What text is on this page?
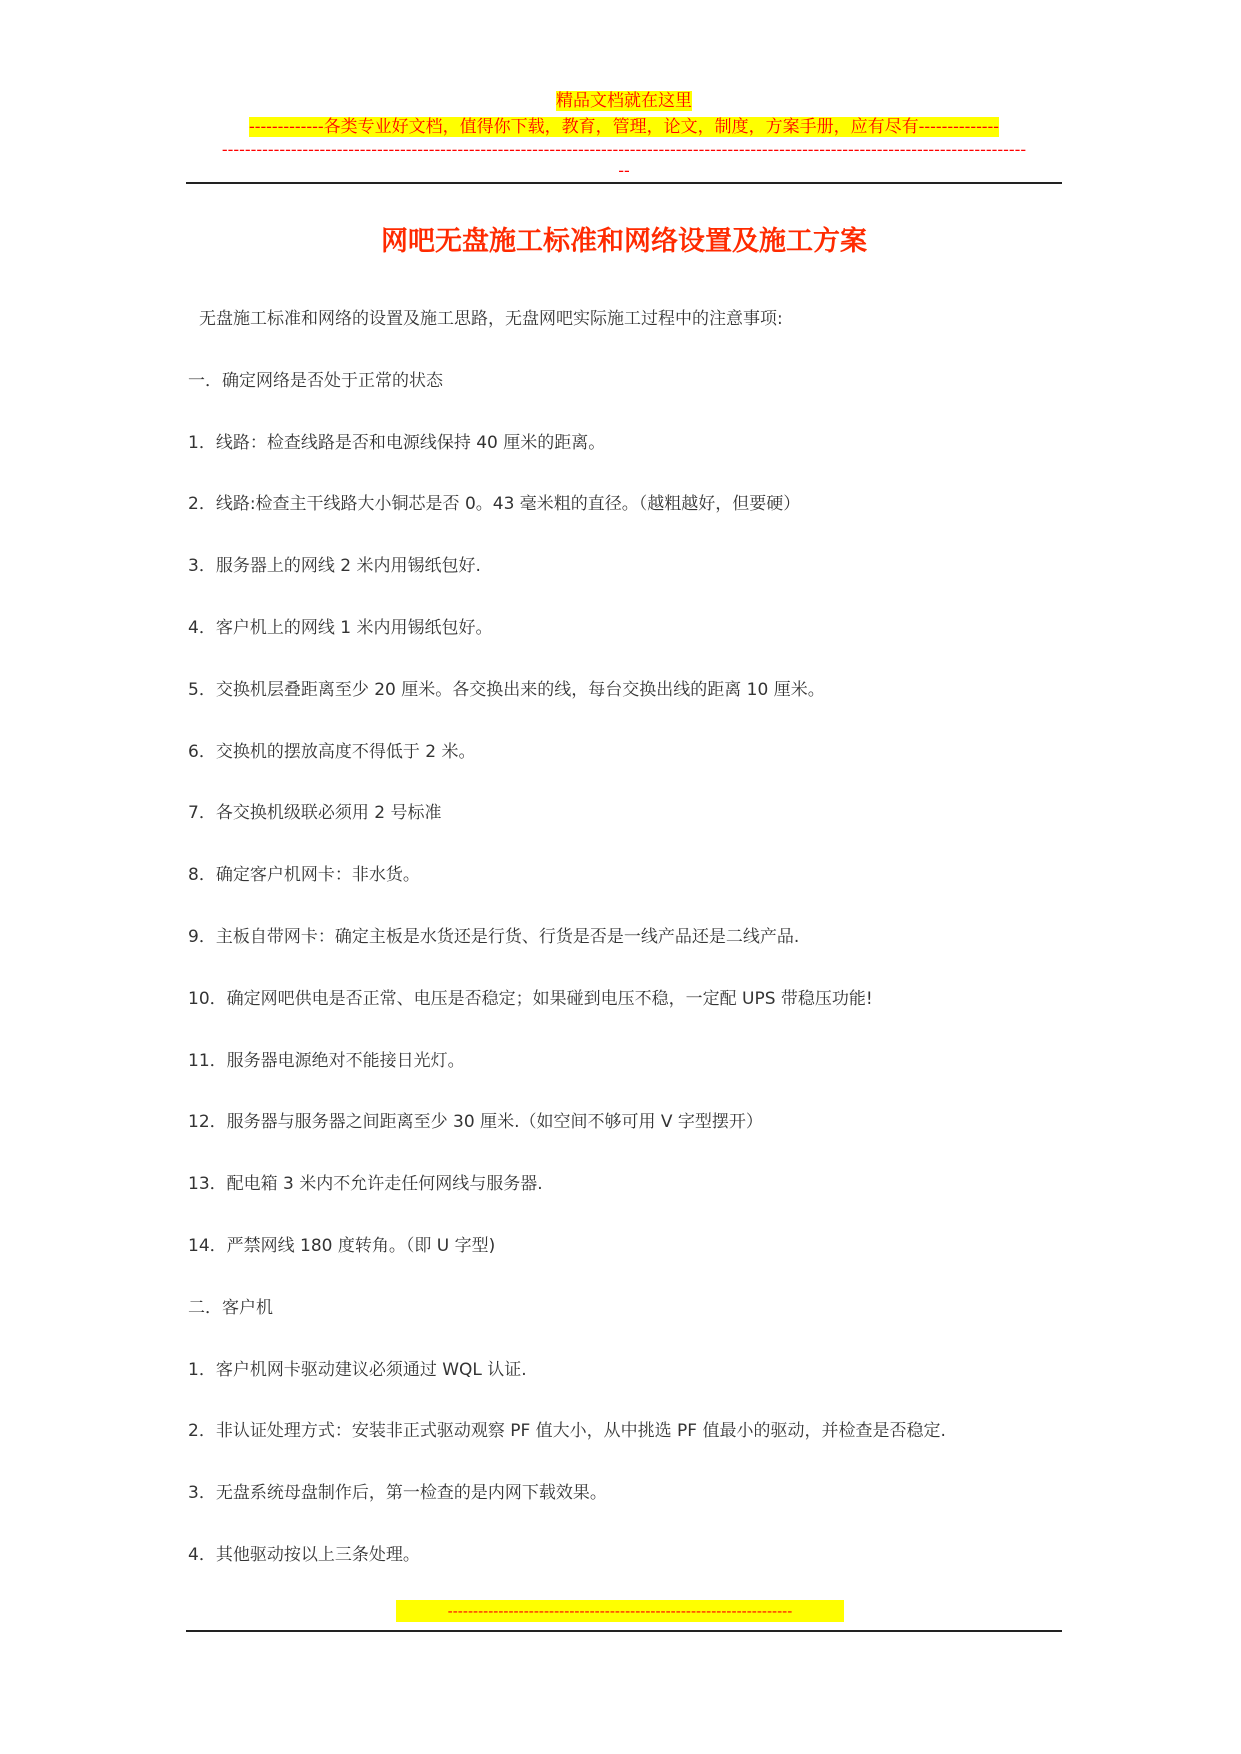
精品文档就在这里
-------------各类专业好文档，值得你下载，教育，管理，论文，制度，方案手册，应有尽有--------------
--------------------------------------------------------------------------------------------------------------------------------------------
--
网吧无盘施工标准和网络设置及施工方案
无盘施工标准和网络的设置及施工思路，无盘网吧实际施工过程中的注意事项:
一．确定网络是否处于正常的状态
1．线路：检查线路是否和电源线保持 40 厘米的距离。
2．线路:检查主干线路大小铜芯是否 0。43 毫米粗的直径。（越粗越好，但要硬）
3．服务器上的网线 2 米内用锡纸包好.
4．客户机上的网线 1 米内用锡纸包好。
5．交换机层叠距离至少 20 厘米。各交换出来的线，每台交换出线的距离 10 厘米。
6．交换机的摆放高度不得低于 2 米。
7．各交换机级联必须用 2 号标准
8．确定客户机网卡：非水货。
9．主板自带网卡：确定主板是水货还是行货、行货是否是一线产品还是二线产品.
10．确定网吧供电是否正常、电压是否稳定；如果碰到电压不稳，一定配 UPS 带稳压功能!
11．服务器电源绝对不能接日光灯。
12．服务器与服务器之间距离至少 30 厘米.（如空间不够可用 V 字型摆开）
13．配电箱 3 米内不允许走任何网线与服务器.
14．严禁网线 180 度转角。（即 U 字型)
二．客户机
1．客户机网卡驱动建议必须通过 WQL 认证.
2．非认证处理方式：安装非正式驱动观察 PF 值大小，从中挑选 PF 值最小的驱动，并检查是否稳定.
3．无盘系统母盘制作后，第一检查的是内网下载效果。
4．其他驱动按以上三条处理。
--------------------------------------------------------------------
